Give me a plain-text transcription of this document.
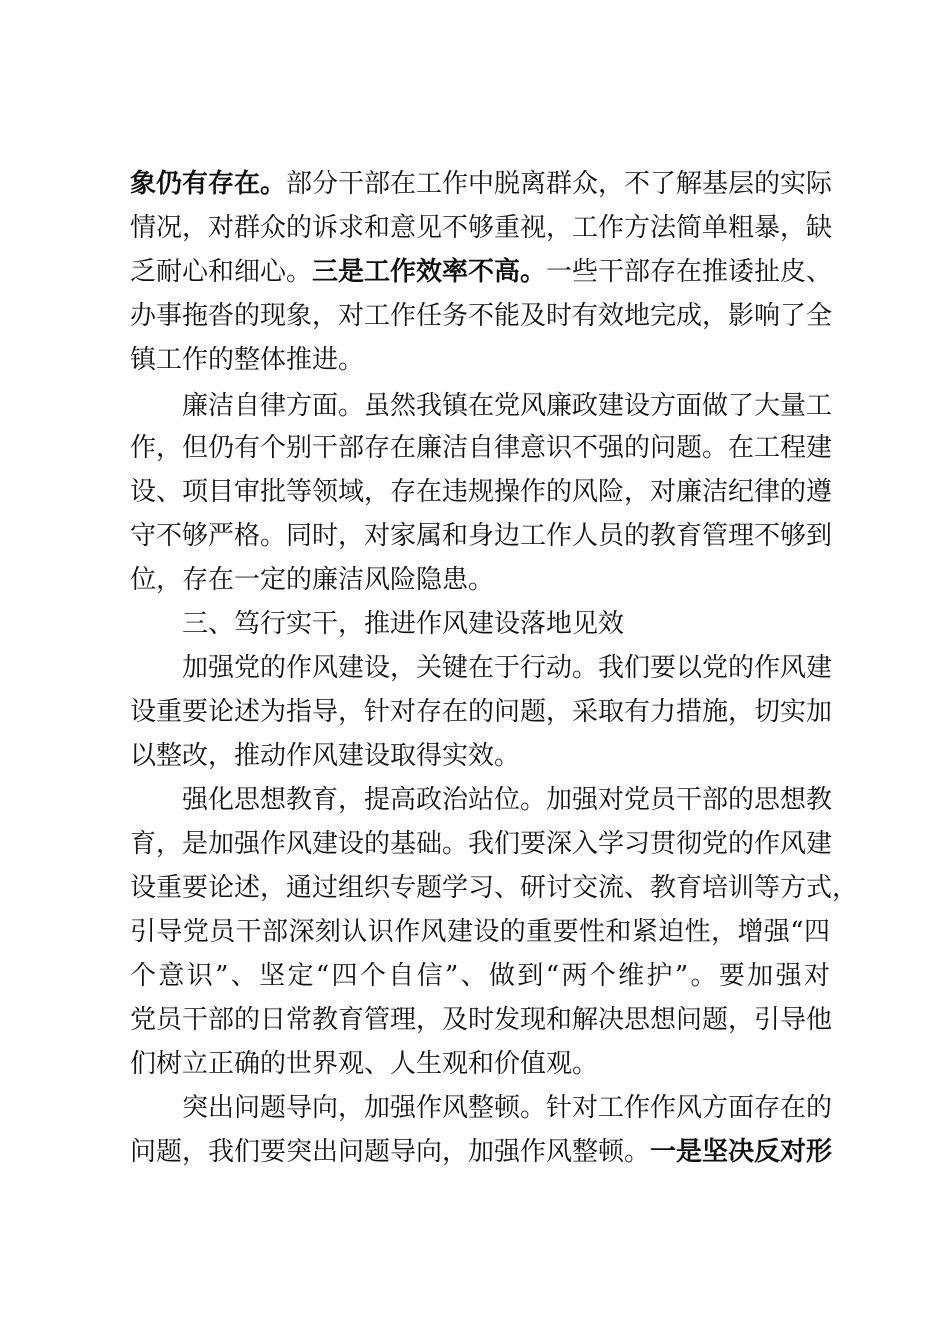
象仍有存在。部分干部在工作中脱离群众，不了解基层的实际
情况，对群众的诉求和意见不够重视，工作方法简单粗暴，缺
乏耐心和细心。三是工作效率不高。一些干部存在推诿扯皮、
办事拖沓的现象，对工作任务不能及时有效地完成，影响了全
镇工作的整体推进。
廉洁自律方面。虽然我镇在党风廉政建设方面做了大量工
作，但仍有个别干部存在廉洁自律意识不强的问题。在工程建
设、项目审批等领域，存在违规操作的风险，对廉洁纪律的遵
守不够严格。同时，对家属和身边工作人员的教育管理不够到
位，存在一定的廉洁风险隐患。
三、笃行实干，推进作风建设落地见效
加强党的作风建设，关键在于行动。我们要以党的作风建
设重要论述为指导，针对存在的问题，采取有力措施，切实加
以整改，推动作风建设取得实效。
强化思想教育，提高政治站位。加强对党员干部的思想教
育，是加强作风建设的基础。我们要深入学习贯彻党的作风建
设重要论述，通过组织专题学习、研讨交流、教育培训等方式，
引导党员干部深刻认识作风建设的重要性和紧迫性，增强“四
个意识”、坚定“四个自信”、做到“两个维护”。要加强对
党员干部的日常教育管理，及时发现和解决思想问题，引导他
们树立正确的世界观、人生观和价值观。
突出问题导向，加强作风整顿。针对工作作风方面存在的
问题，我们要突出问题导向，加强作风整顿。一是坚决反对形
